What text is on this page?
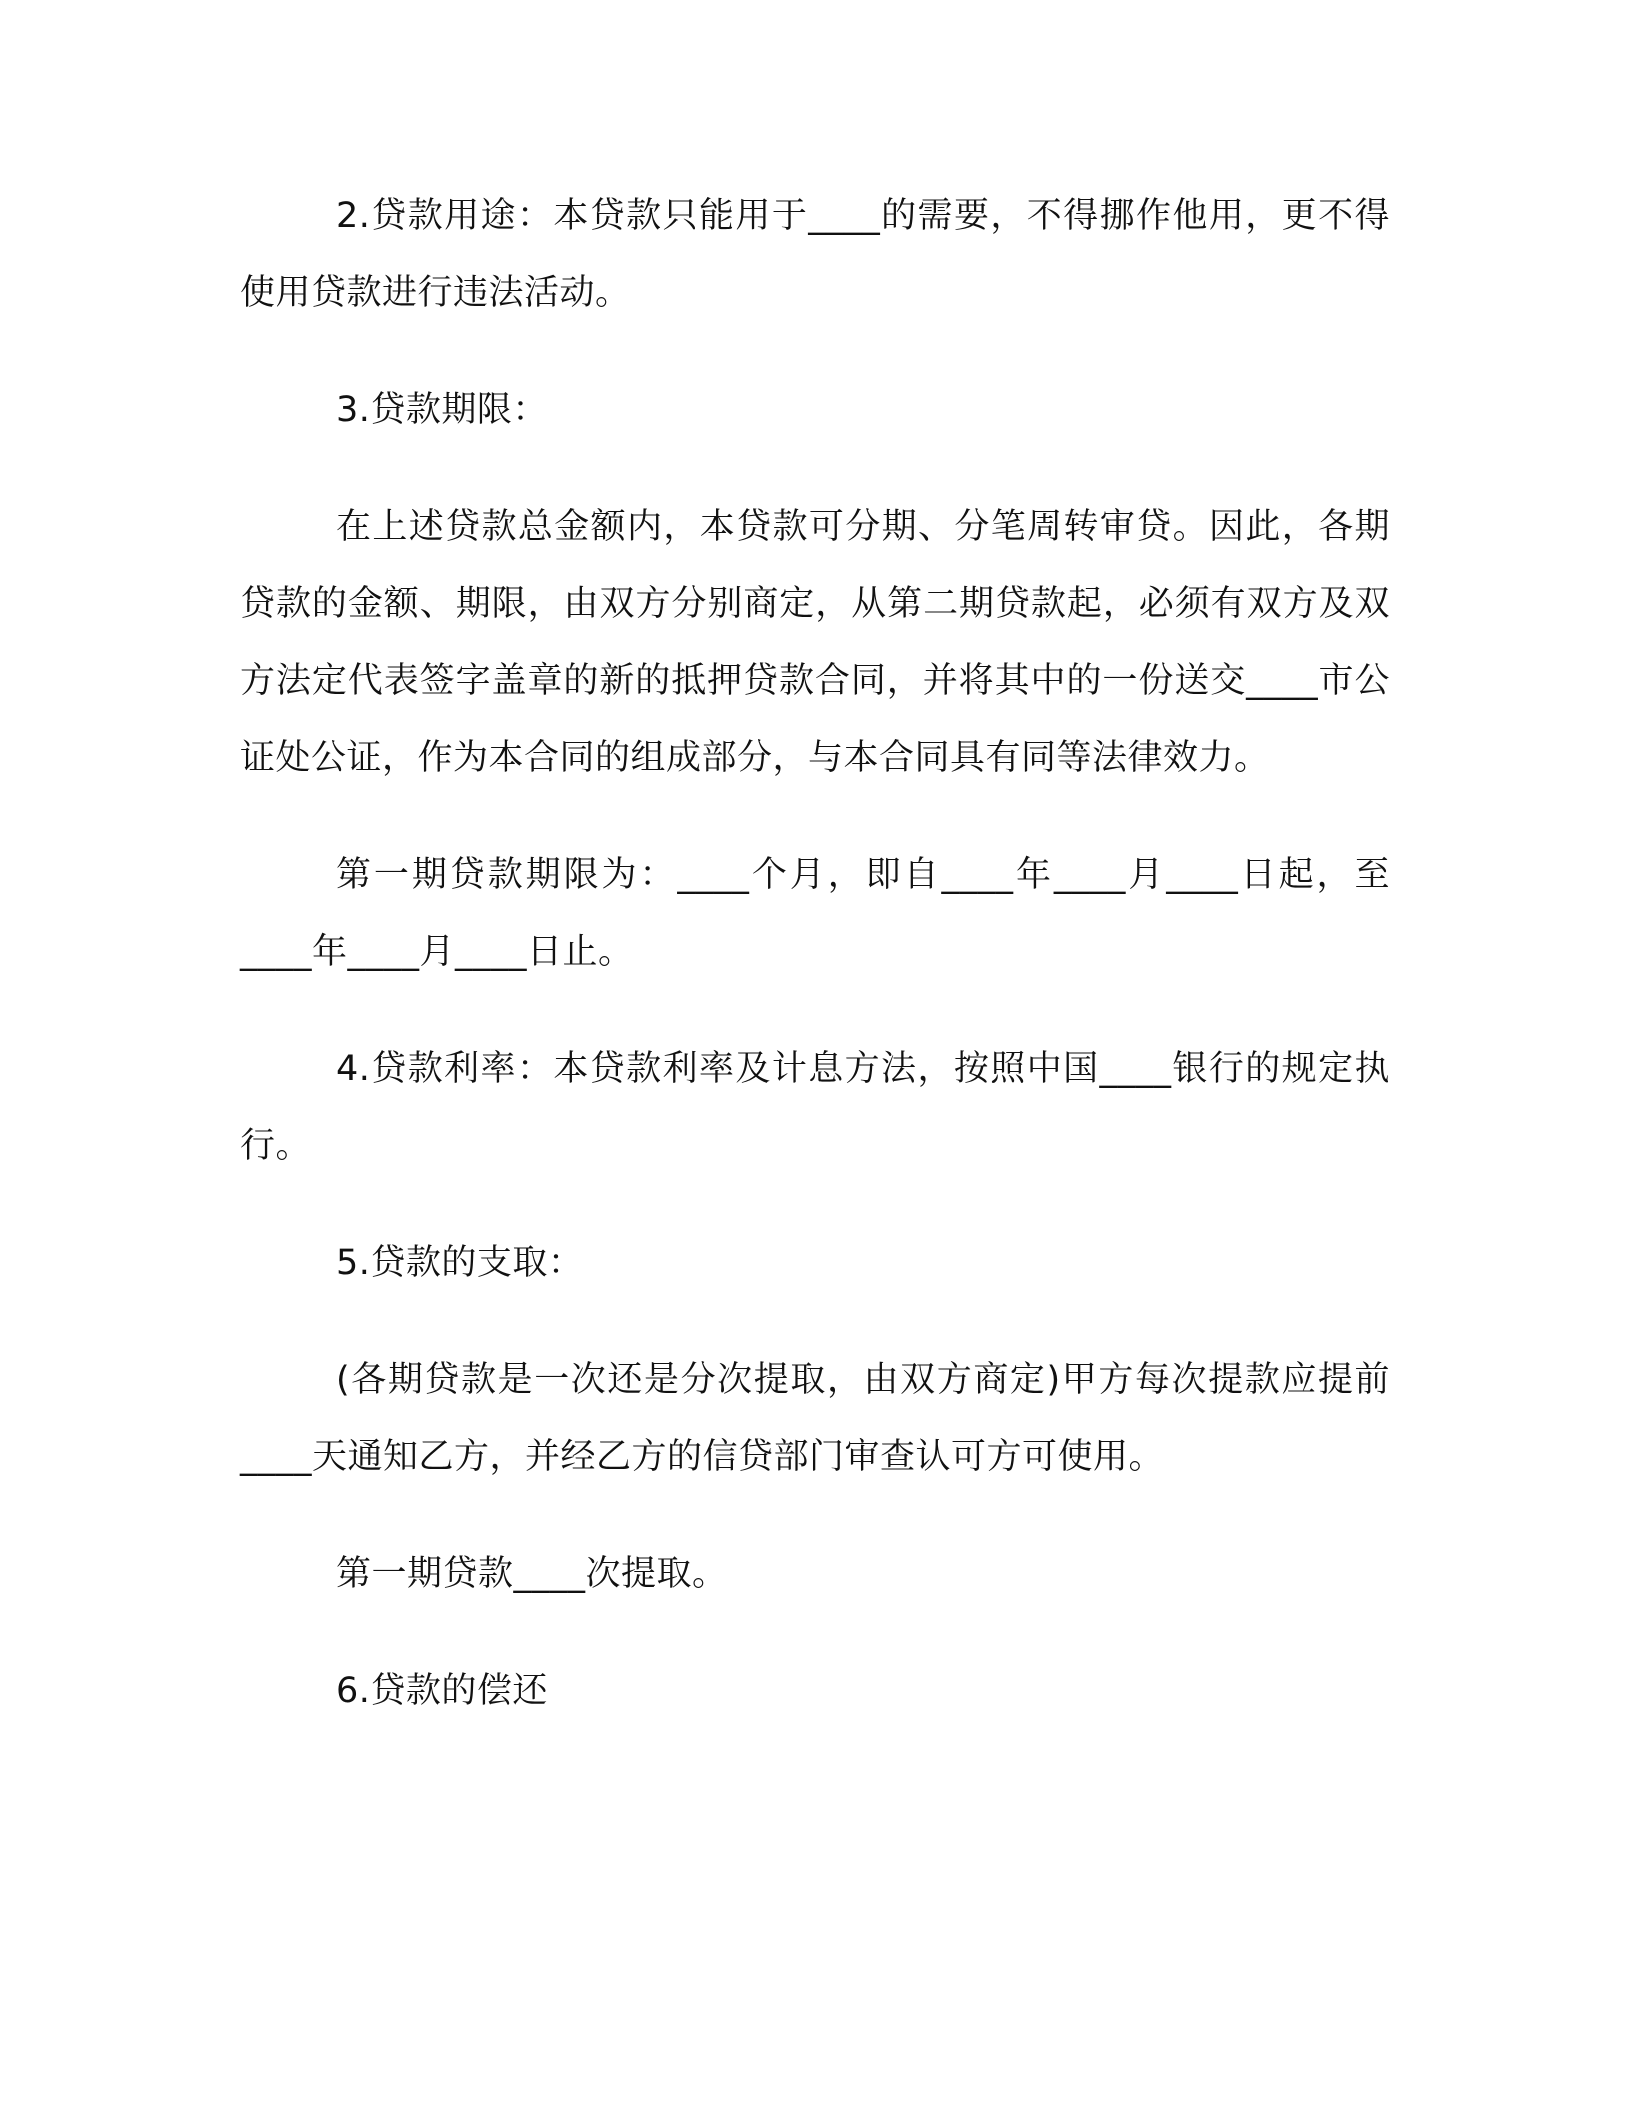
2.贷款用途：本贷款只能用于____的需要，不得挪作他用，更不得使用贷款进行违法活动。

3.贷款期限：

在上述贷款总金额内，本贷款可分期、分笔周转审贷。因此，各期贷款的金额、期限，由双方分别商定，从第二期贷款起，必须有双方及双方法定代表签字盖章的新的抵押贷款合同，并将其中的一份送交____市公证处公证，作为本合同的组成部分，与本合同具有同等法律效力。

第一期贷款期限为：____个月，即自____年____月____日起，至____年____月____日止。

4.贷款利率：本贷款利率及计息方法，按照中国____银行的规定执行。

5.贷款的支取：

(各期贷款是一次还是分次提取，由双方商定)甲方每次提款应提前____天通知乙方，并经乙方的信贷部门审查认可方可使用。

第一期贷款____次提取。

6.贷款的偿还
